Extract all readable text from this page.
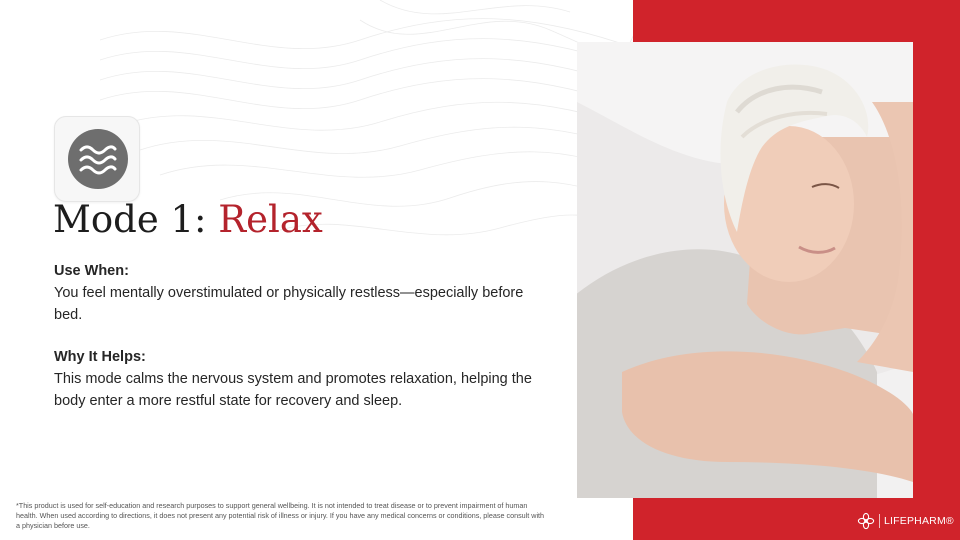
Mode 1: Relax
Use When:
You feel mentally overstimulated or physically restless—especially before bed.
Why It Helps:
This mode calms the nervous system and promotes relaxation, helping the body enter a more restful state for recovery and sleep.
*This product is used for self-education and research purposes to support general wellbeing. It is not intended to treat disease or to prevent impairment of human health. When used according to directions, it does not present any potential risk of illness or injury. If you have any medical concerns or conditions, please consult with a physician before use.	LIFEPHARM®
